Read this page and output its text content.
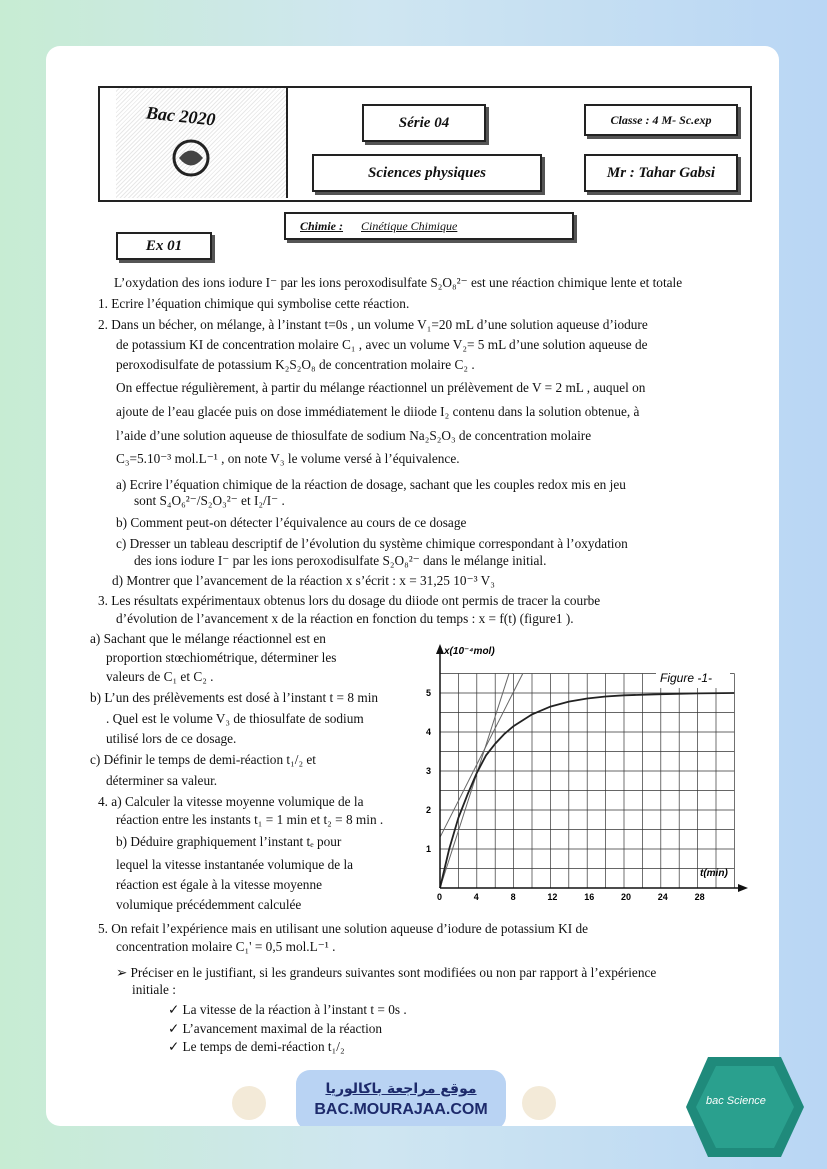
Bac 2020	Série 04	Classe : 4 M- Sc.exp
Sciences physiques	Mr : Tahar Gabsi
Chimie : Cinétique Chimique
Ex 01
L’oxydation des ions iodure I⁻ par les ions peroxodisulfate S₂O₈²⁻ est une réaction chimique lente et totale
1. Ecrire l’équation chimique qui symbolise cette réaction.
2. Dans un bécher, on mélange, à l’instant t=0s , un volume V₁=20 mL d’une solution aqueuse d’iodure
de potassium KI de concentration molaire C₁ , avec un volume V₂= 5 mL d’une solution aqueuse de
peroxodisulfate de potassium K₂S₂O₈ de concentration molaire C₂ .
On effectue régulièrement, à partir du mélange réactionnel un prélèvement de V = 2 mL , auquel on
ajoute de l’eau glacée puis on dose immédiatement le diiode I₂ contenu dans la solution obtenue, à
l’aide d’une solution aqueuse de thiosulfate de sodium Na₂S₂O₃ de concentration molaire
C₃=5.10⁻³ mol.L⁻¹ , on note V₃ le volume versé à l’équivalence.
a) Ecrire l’équation chimique de la réaction de dosage, sachant que les couples redox mis en jeu
sont S₄O₆²⁻/S₂O₃²⁻ et I₂/I⁻ .
b) Comment peut-on détecter l’équivalence au cours de ce dosage
c) Dresser un tableau descriptif de l’évolution du système chimique correspondant à l’oxydation
des ions iodure I⁻ par les ions peroxodisulfate S₂O₈²⁻ dans le mélange initial.
d) Montrer que l’avancement de la réaction x s’écrit : x = 31,25 10⁻³ V₃
3. Les résultats expérimentaux obtenus lors du dosage du diiode ont permis de tracer la courbe
d’évolution de l’avancement x de la réaction en fonction du temps : x = f(t) (figure1 ).
a) Sachant que le mélange réactionnel est en
proportion stœchiométrique, déterminer les
valeurs de C₁ et C₂ .
b) L’un des prélèvements est dosé à l’instant t = 8 min
. Quel est le volume V₃ de thiosulfate de sodium
utilisé lors de ce dosage.
c) Définir le temps de demi-réaction t₁/₂ et
déterminer sa valeur.
4. a) Calculer la vitesse moyenne volumique de la
réaction entre les instants t₁ = 1 min et t₂ = 8 min .
b) Déduire graphiquement l’instant tₑ pour
lequel la vitesse instantanée volumique de la
réaction est égale à la vitesse moyenne
volumique précédemment calculée
5. On refait l’expérience mais en utilisant une solution aqueuse d’iodure de potassium KI de
concentration molaire C₁' = 0,5 mol.L⁻¹ .
➢ Préciser en le justifiant, si les grandeurs suivantes sont modifiées ou non par rapport à l’expérience
initiale :
✓ La vitesse de la réaction à l’instant t = 0s .
✓ L’avancement maximal de la réaction
✓ Le temps de demi-réaction t₁/₂
0	4	8	12	16	20	24	28
1
2
3
4
5
x(10⁻⁴mol)
t(min)
Figure -1-
موقع مراجعة باكالوريا
BAC.MOURAJAA.COM	bac Science
